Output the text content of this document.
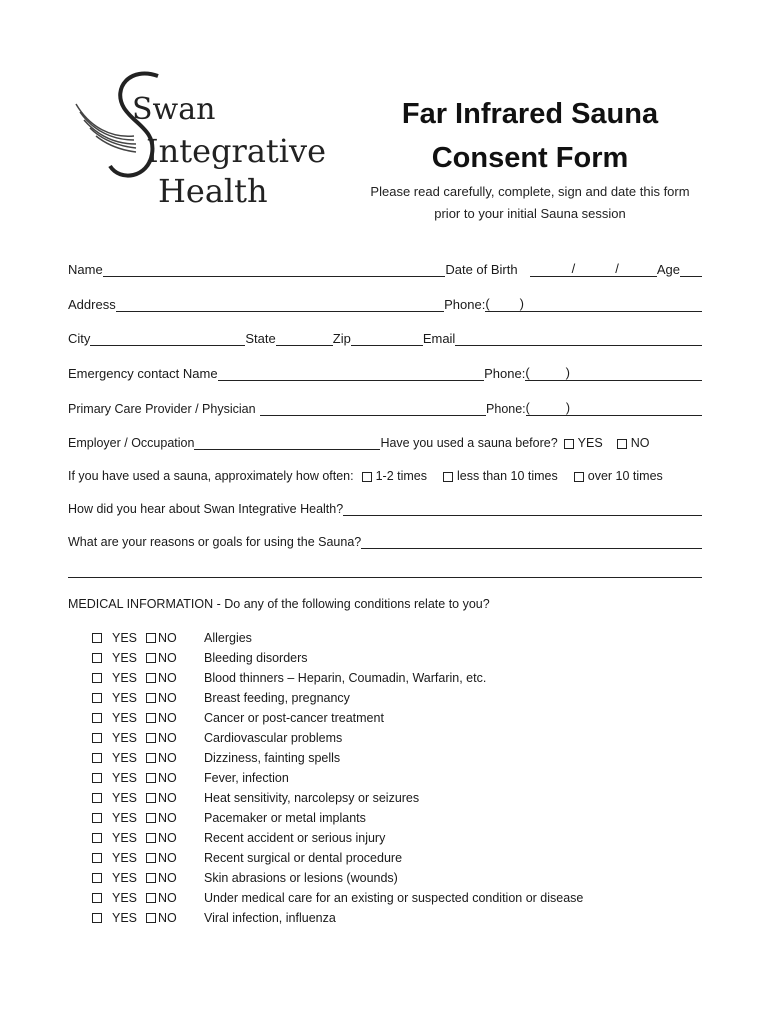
Swan
Integrative
Health
Far Infrared Sauna
Consent Form
Please read carefully, complete, sign and date this form
prior to your initial Sauna session
Name	Date of Birth	/	/	Age
Address	Phone: ( )
City	State	Zip	Email
Emergency contact Name	Phone: (	)
Primary Care Provider / Physician	Phone: (	)
Employer / Occupation	Have you used a sauna before? YES NO
If you have used a sauna, approximately how often: 1-2 times less than 10 times over 10 times
How did you hear about Swan Integrative Health?
What are your reasons or goals for using the Sauna?
MEDICAL INFORMATION - Do any of the following conditions relate to you?
YES NO Allergies
YES NO Bleeding disorders
YES NO Blood thinners – Heparin, Coumadin, Warfarin, etc.
YES NO Breast feeding, pregnancy
YES NO Cancer or post-cancer treatment
YES NO Cardiovascular problems
YES NO Dizziness, fainting spells
YES NO Fever, infection
YES NO Heat sensitivity, narcolepsy or seizures
YES NO Pacemaker or metal implants
YES NO Recent accident or serious injury
YES NO Recent surgical or dental procedure
YES NO Skin abrasions or lesions (wounds)
YES NO Under medical care for an existing or suspected condition or disease
YES NO Viral infection, influenza
